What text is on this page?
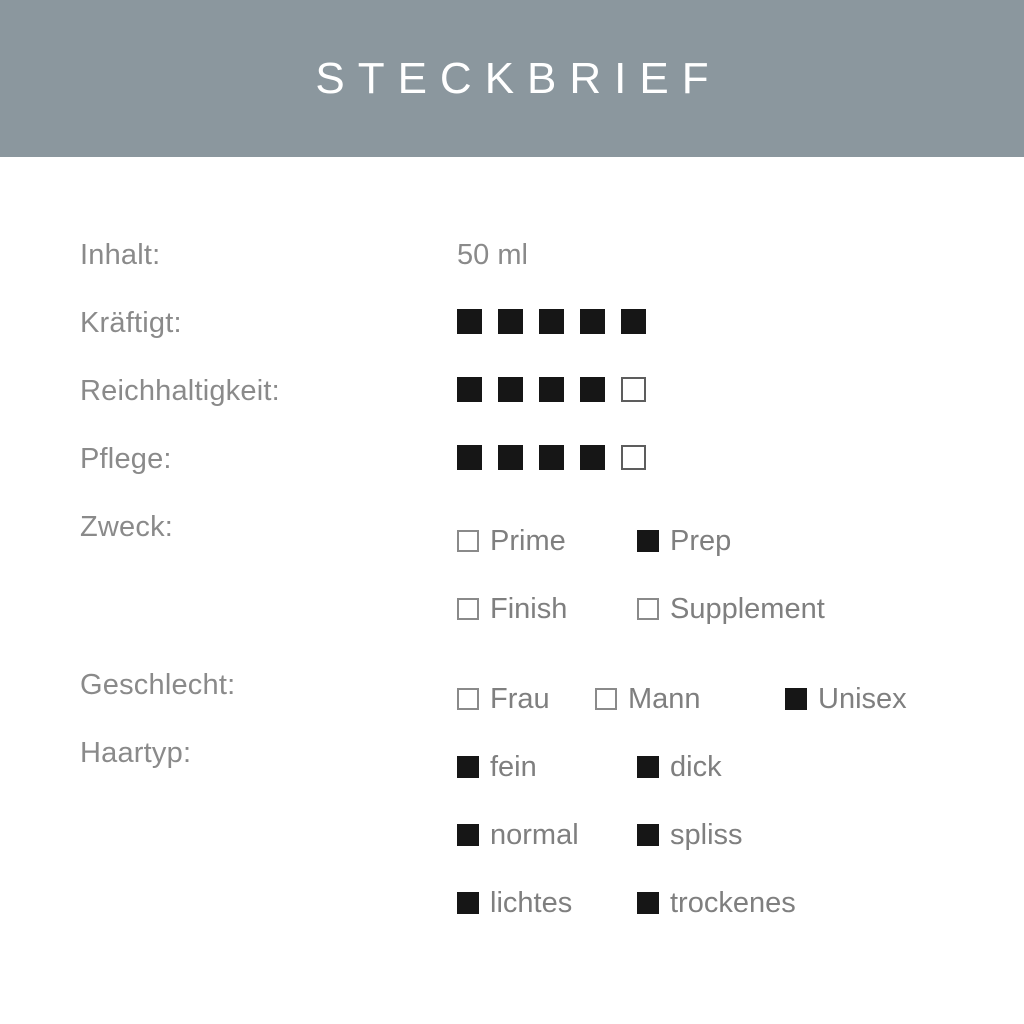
STECKBRIEF
Inhalt:	50 ml
Kräftigt:
Reichhaltigkeit:
Pflege:
Zweck:	Prime	Prep
Finish	Supplement
Geschlecht:	Frau	Mann	Unisex
Haartyp:	fein	dick
normal	spliss
lichtes	trockenes
